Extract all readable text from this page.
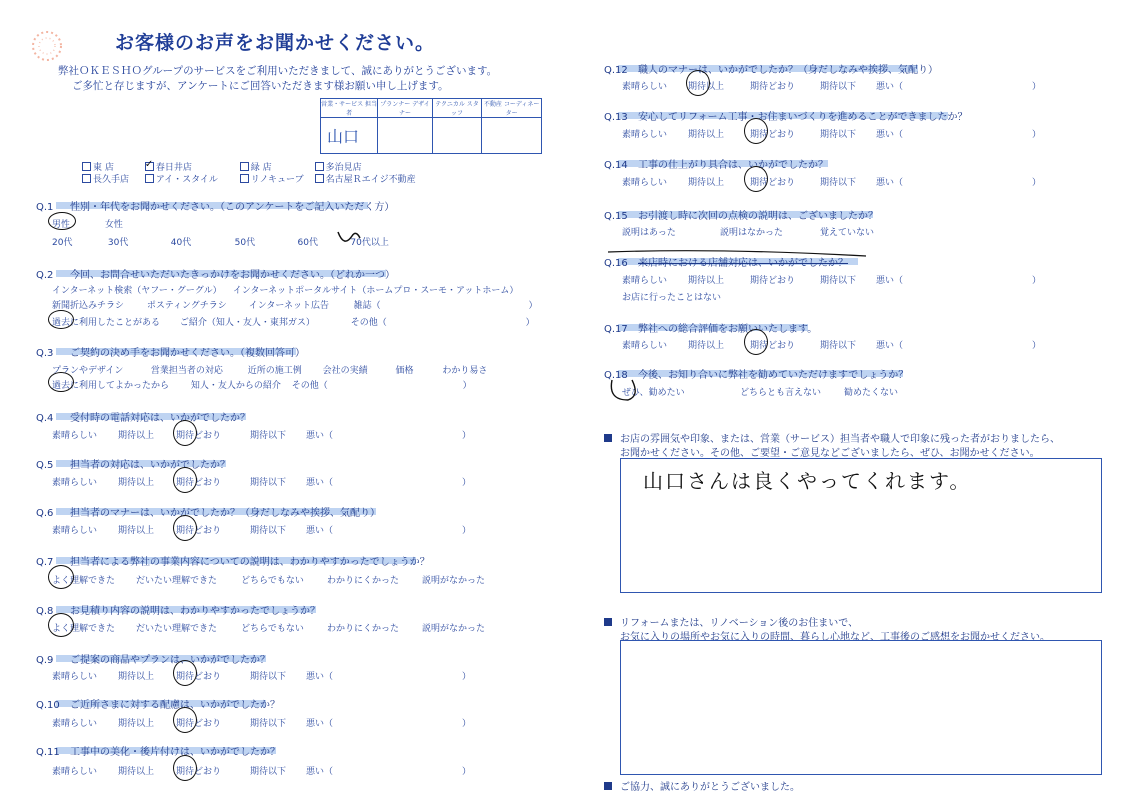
お客様のお声をお聞かせください。
弊社ＯＫＥＳＨＯグループのサービスをご利用いただきまして、誠にありがとうございます。
ご多忙と存じますが、アンケートにご回答いただきます様お願い申し上げます。
営業・サービス 担当者	プランナー デザイナー	テクニカル スタッフ	不動産 コーディネーター
山口			
東 店	✓ 春日井店	緑 店	多治見店
長久手店	アイ・スタイル	リノキューブ 名古屋Ｒエイジ不動産
Q.1 性別・年代をお聞かせください。（このアンケートをご記入いただく方）
男性	女性
20代	30代	40代	50代	60代	70代以上
Q.2 今回、お問合せいただいたきっかけをお聞かせください。（どれか一つ）
インターネット検索（ヤフー・グーグル） インターネットポータルサイト（ホームプロ・スーモ・アットホーム）
新聞折込みチラシ	ポスティングチラシ インターネット広告	雑誌（	）
過去に利用したことがある ご紹介（知人・友人・東邦ガス）	その他（	）
Q.3 ご契約の決め手をお聞かせください。（複数回答可）
プランやデザイン	営業担当者の対応	近所の施工例 会社の実績	価格	わかり易さ
過去に利用してよかったから 知人・友人からの紹介 その他（	）
Q.4 受付時の電話対応は、いかがでしたか？
素晴らしい 期待以上 期待どおり	期待以下 悪い（	）
Q.5 担当者の対応は、いかがでしたか？
素晴らしい 期待以上 期待どおり	期待以下 悪い（	）
Q.6 担当者のマナーは、いかがでしたか？（身だしなみや挨拶、気配り）
素晴らしい 期待以上 期待どおり	期待以下 悪い（	）
Q.7 担当者による弊社の事業内容についての説明は、わかりやすかったでしょうか？
よく理解できた だいたい理解できた	どちらでもない	わかりにくかった	説明がなかった
Q.8 お見積り内容の説明は、わかりやすかったでしょうか？
よく理解できた だいたい理解できた	どちらでもない	わかりにくかった	説明がなかった
Q.9 ご提案の商品やプランは、いかがでしたか？
素晴らしい 期待以上 期待どおり	期待以下 悪い（	）
Q.10 ご近所さまに対する配慮は、いかがでしたか？
素晴らしい 期待以上 期待どおり	期待以下 悪い（	）
Q.11 工事中の美化・後片付けは、いかがでしたか？
素晴らしい 期待以上 期待どおり	期待以下 悪い（	）
Q.12 職人のマナーは、いかがでしたか？（身だしなみや挨拶、気配り）
素晴らしい 期待以上	期待どおり	期待以下 悪い（	）
Q.13 安心してリフォーム工事・お住まいづくりを進めることができましたか？
素晴らしい 期待以上	期待どおり	期待以下 悪い（	）
Q.14 工事の仕上がり具合は、いかがでしたか？
素晴らしい 期待以上	期待どおり	期待以下 悪い（	）
Q.15 お引渡し時に次回の点検の説明は、ございましたか？
説明はあった	説明はなかった	覚えていない
Q.16 来店時における店舗対応は、いかがでしたか？
素晴らしい 期待以上	期待どおり	期待以下 悪い（	）
お店に行ったことはない
Q.17 弊社への総合評価をお願いいたします。
素晴らしい 期待以上	期待どおり	期待以下 悪い（	）
Q.18 今後、お知り合いに弊社を勧めていただけますでしょうか？
ぜひ、勧めたい	どちらとも言えない	勧めたくない
お店の雰囲気や印象、または、営業（サービス）担当者や職人で印象に残った者がおりましたら、
お聞かせください。その他、ご要望・ご意見などございましたら、ぜひ、お聞かせください。
山口さんは良くやってくれます。
リフォームまたは、リノベーション後のお住まいで、
お気に入りの場所やお気に入りの時間、暮らし心地など、工事後のご感想をお聞かせください。
ご協力、誠にありがとうございました。
